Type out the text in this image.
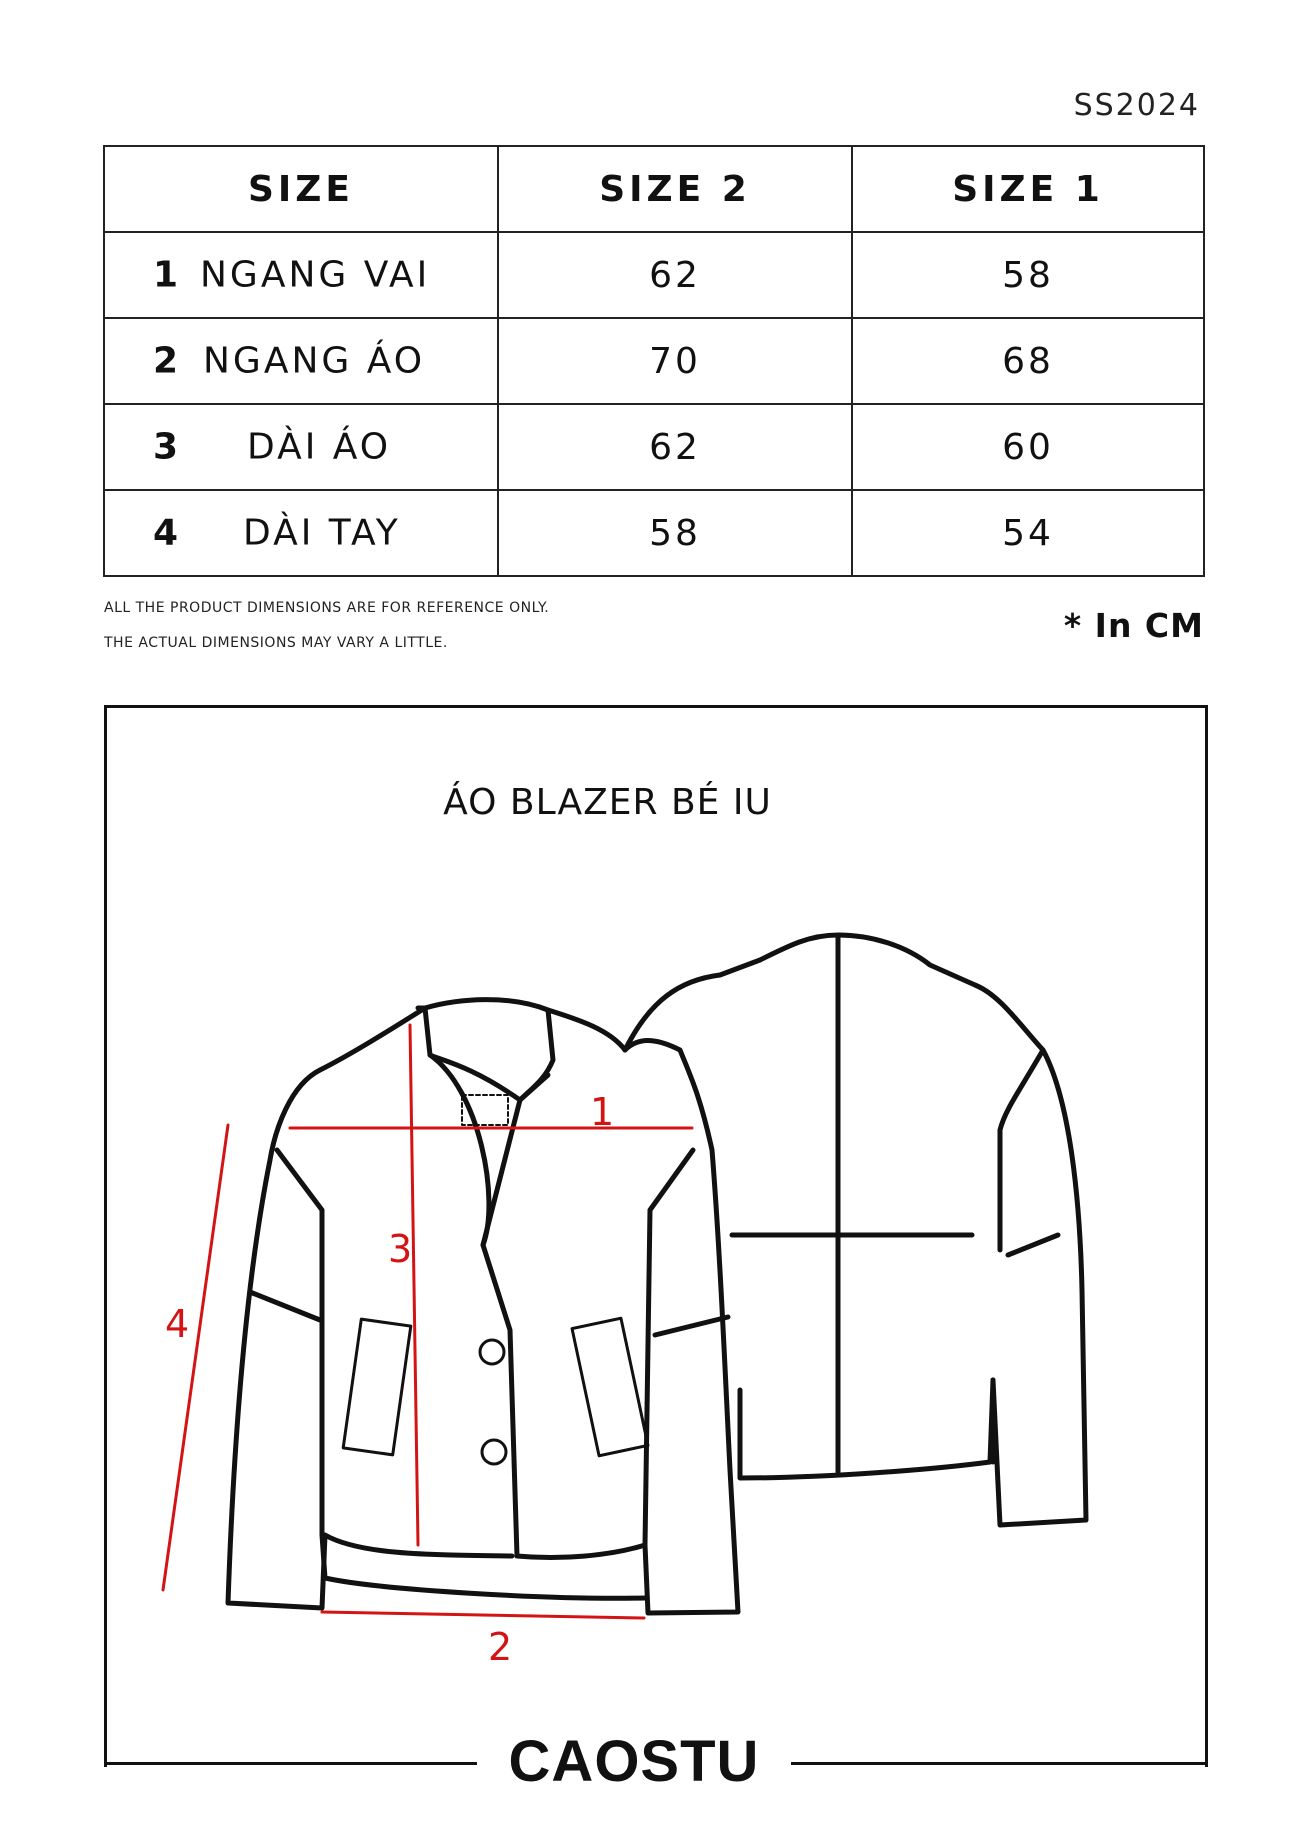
SS2024
SIZE	SIZE 2	SIZE 1

1 NGANG VAI	62	58

2 NGANG ÁO	70	68

3 DÀI ÁO	62	60

4 DÀI TAY	58	54
ALL THE PRODUCT DIMENSIONS ARE FOR REFERENCE ONLY.
THE ACTUAL DIMENSIONS MAY VARY A LITTLE.	* In CM
CAOSTU
ÁO BLAZER BÉ IU
1
2
3
4
